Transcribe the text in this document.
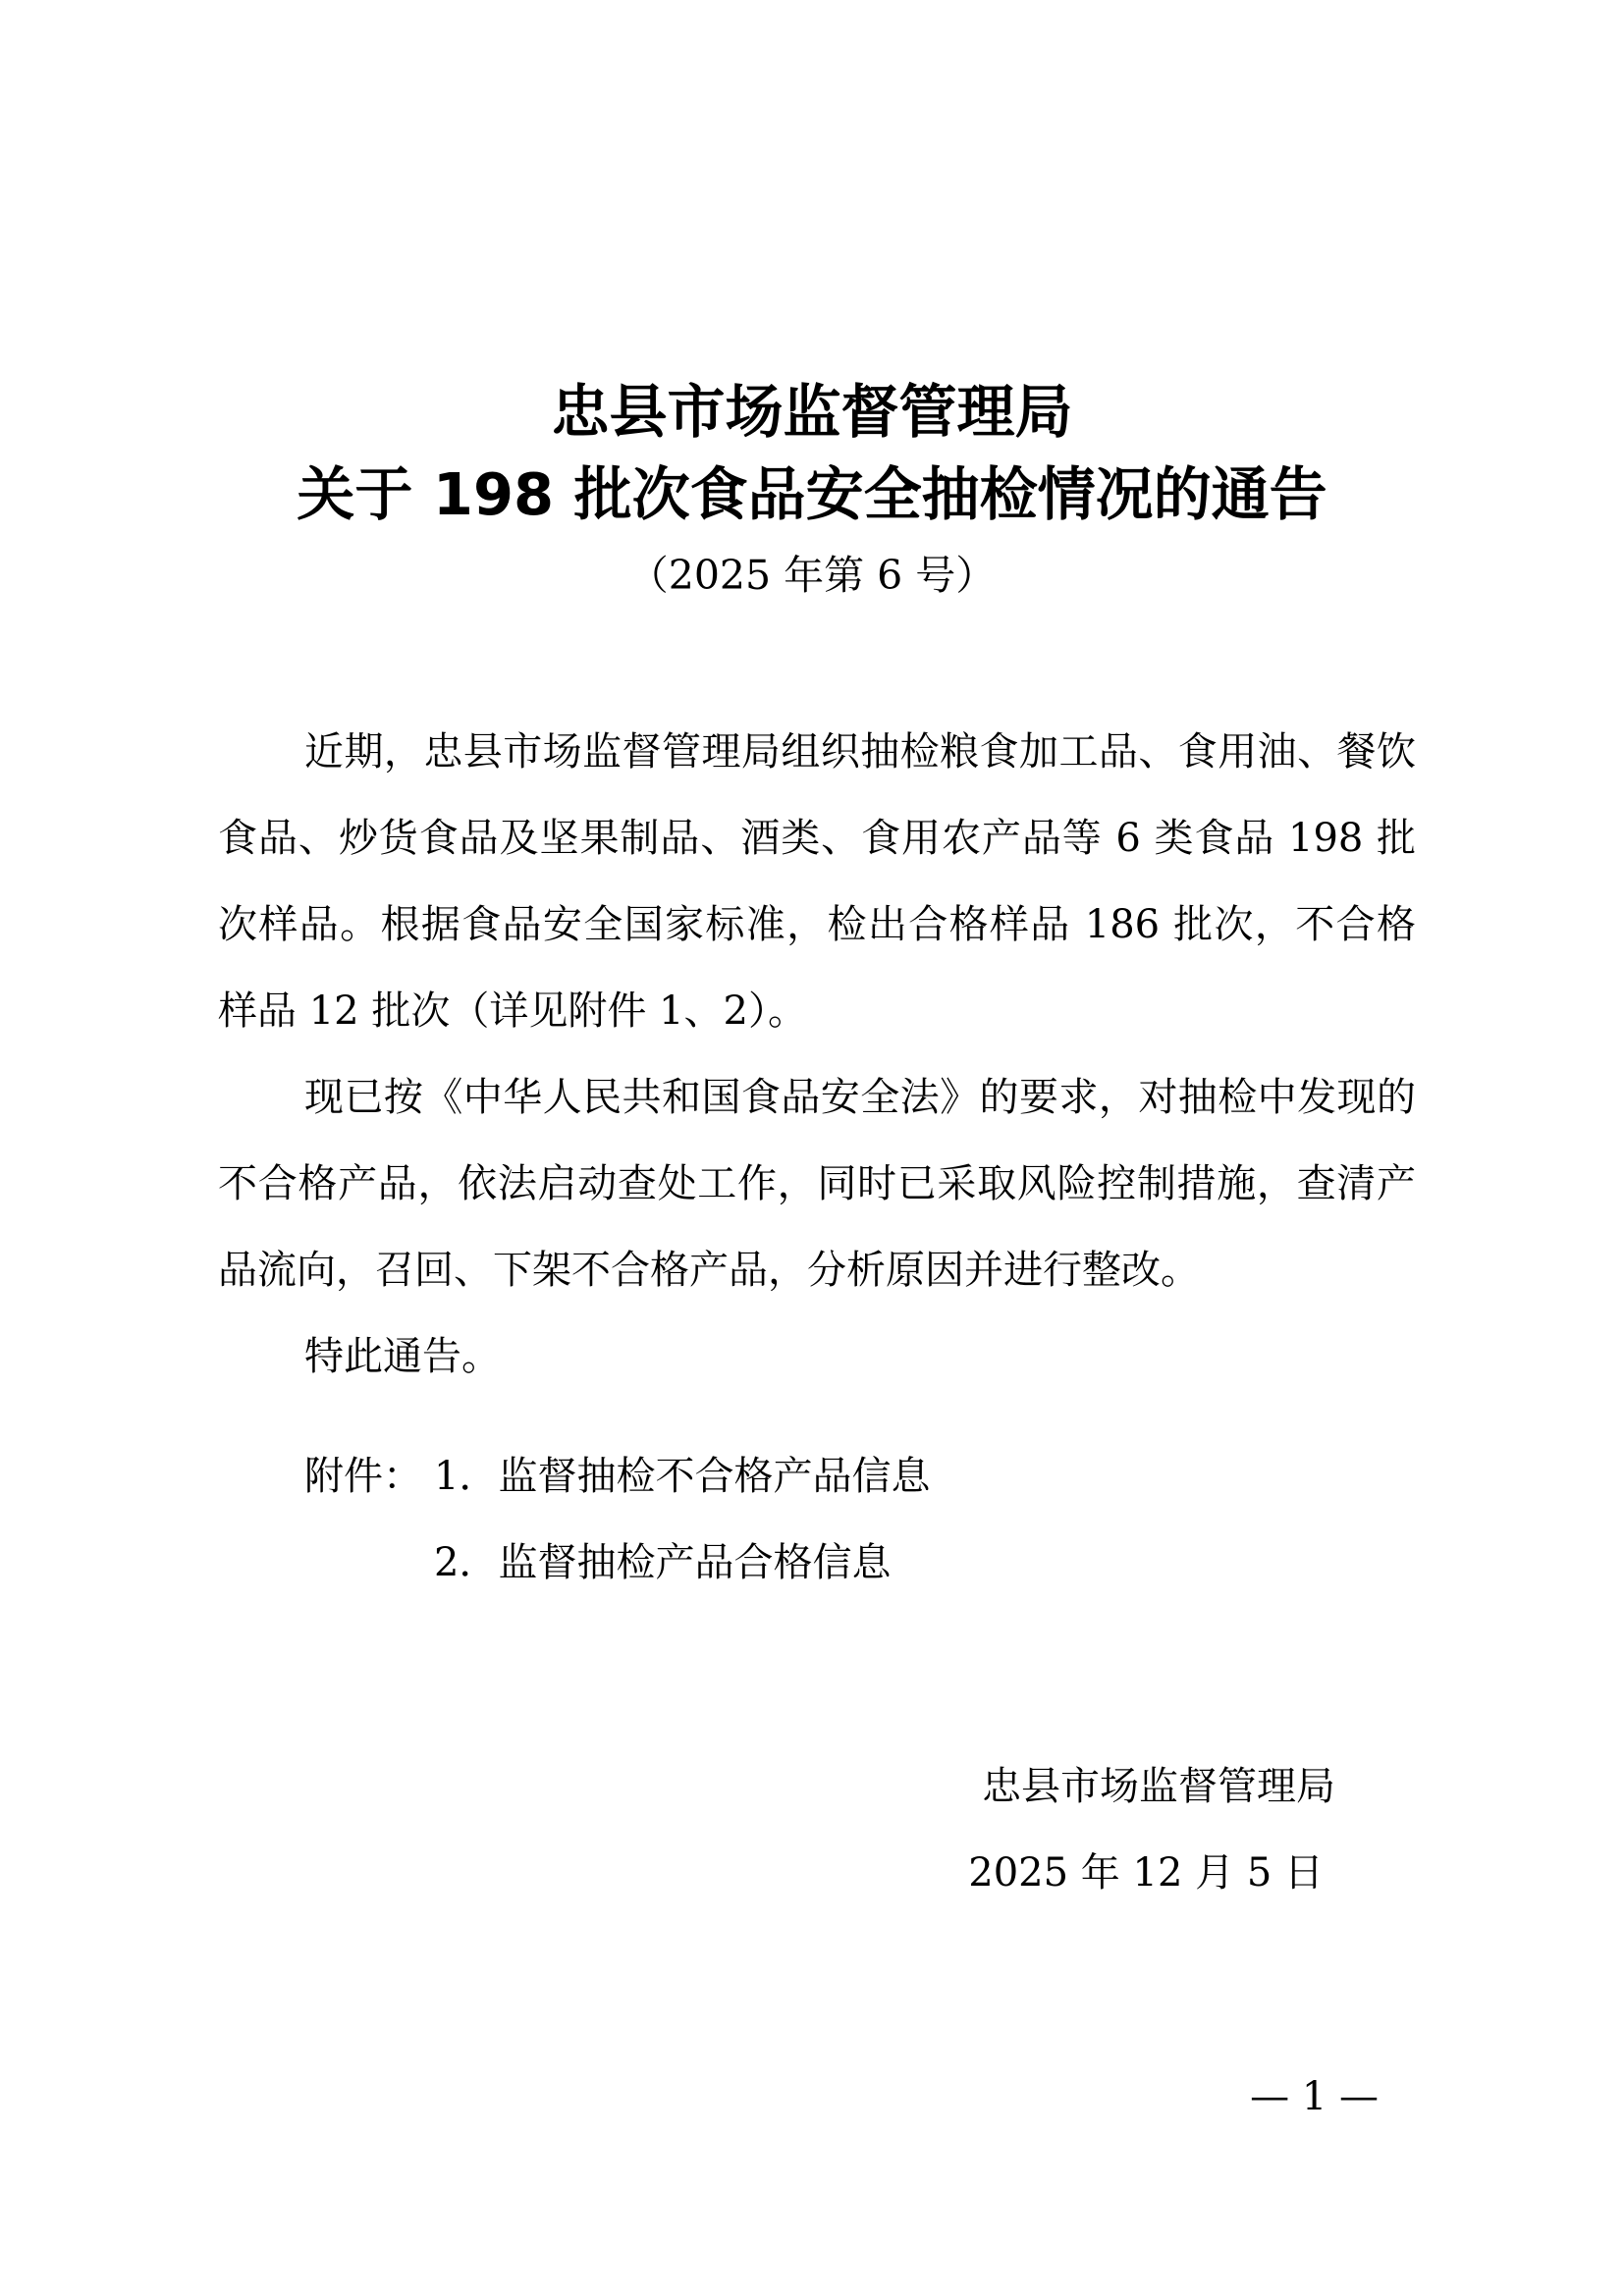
忠县市场监督管理局
关于 198 批次食品安全抽检情况的通告
（2025 年第 6 号）

近期，忠县市场监督管理局组织抽检粮食加工品、食用油、餐饮食品、炒货食品及坚果制品、酒类、食用农产品等 6 类食品 198 批次样品。根据食品安全国家标准，检出合格样品 186 批次，不合格样品 12 批次（详见附件 1、2）。

现已按《中华人民共和国食品安全法》的要求，对抽检中发现的不合格产品，依法启动查处工作，同时已采取风险控制措施，查清产品流向，召回、下架不合格产品，分析原因并进行整改。

特此通告。

附件： 1．监督抽检不合格产品信息
2．监督抽检产品合格信息
忠县市场监督管理局
2025 年 12 月 5 日
— 1 —
